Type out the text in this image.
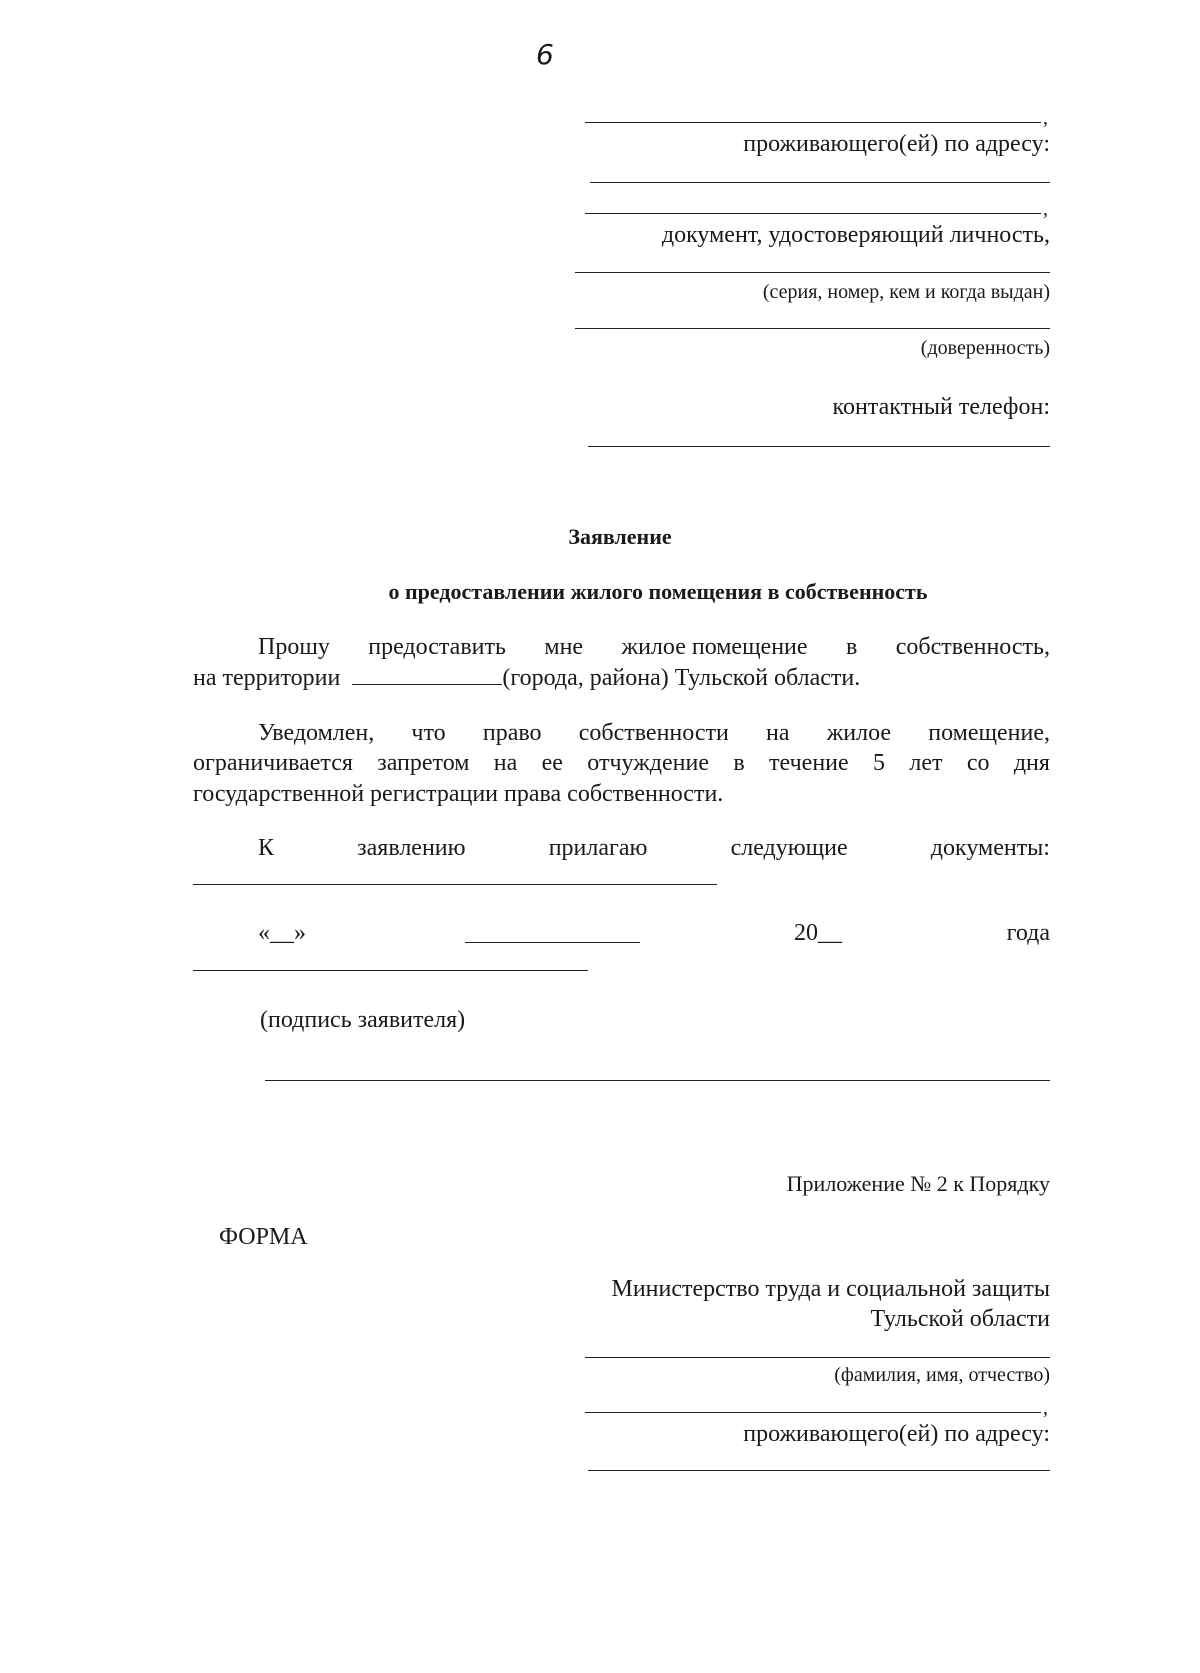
6
,
проживающего(ей) по адресу:
,
документ, удостоверяющий личность,
(серия, номер, кем и когда выдан)
(доверенность)
контактный телефон:
Заявление
о предоставлении жилого помещения в собственность
Прошу предоставить мне жилое помещение в собственность,
на территории	(города, района) Тульской области.
Уведомлен, что право собственности на жилое помещение,
ограничивается запретом на ее отчуждение в течение 5 лет со дня
государственной регистрации права собственности.
К	заявлению	прилагаю	следующие	документы:
«__»	20__	года
(подпись заявителя)
Приложение № 2 к Порядку
ФОРМА
Министерство труда и социальной защиты
Тульской области
(фамилия, имя, отчество)
,
проживающего(ей) по адресу:
